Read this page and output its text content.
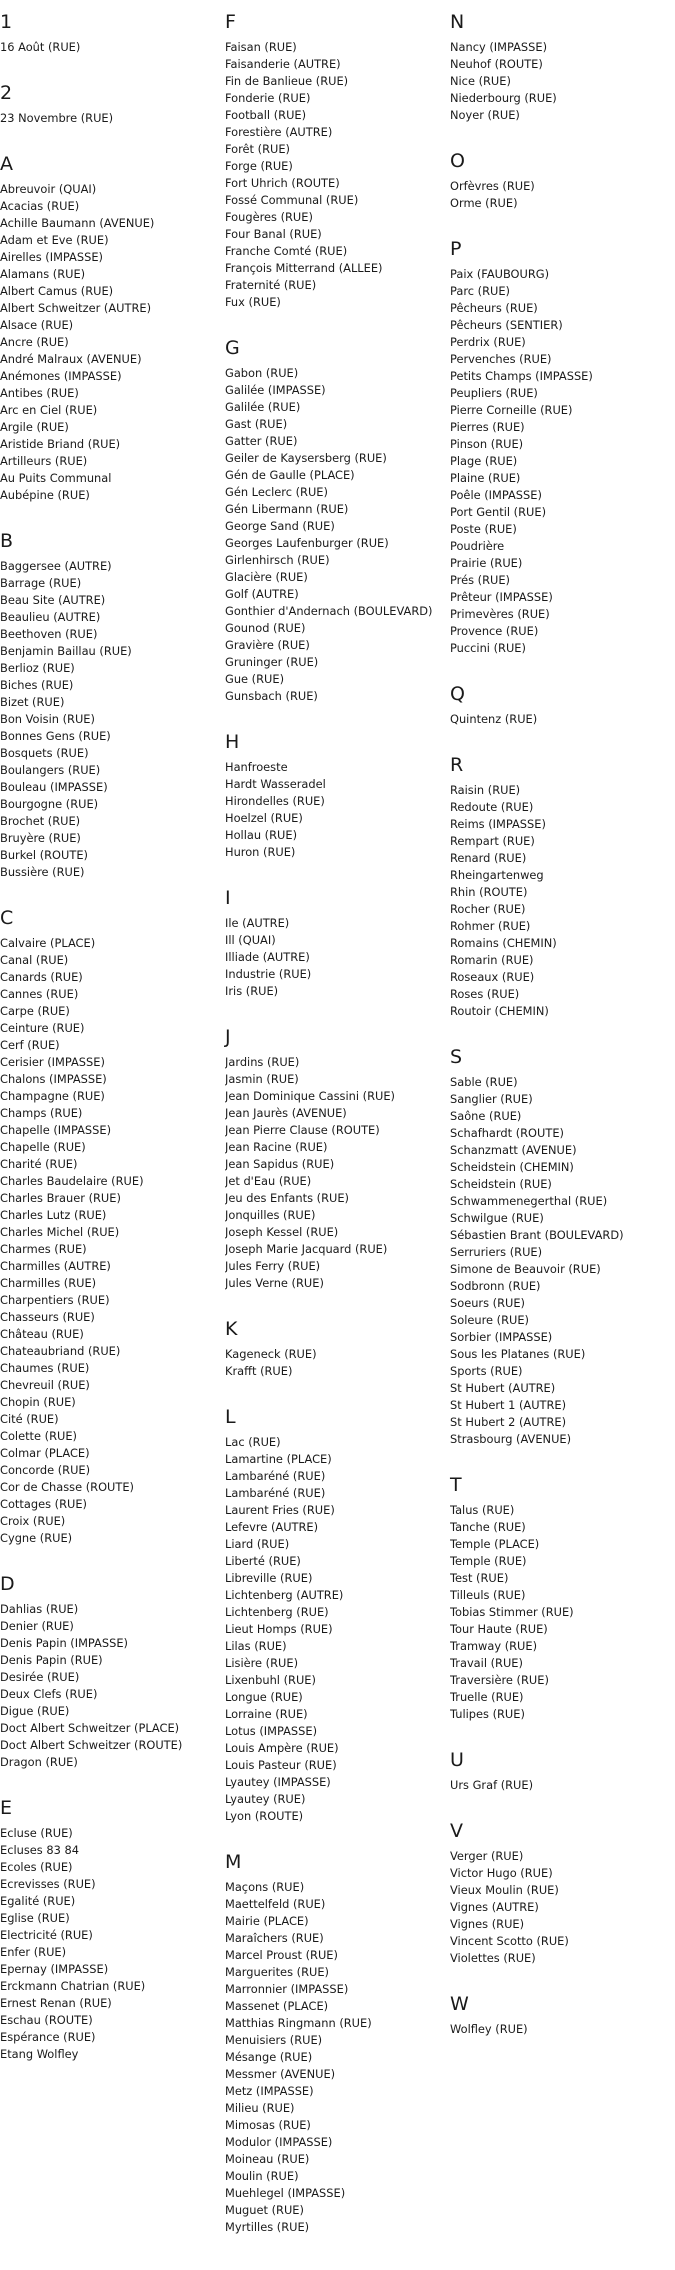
1
16 Août (RUE)
2
23 Novembre (RUE)
A
Abreuvoir (QUAI)
Acacias (RUE)
Achille Baumann (AVENUE)
Adam et Eve (RUE)
Airelles (IMPASSE)
Alamans (RUE)
Albert Camus (RUE)
Albert Schweitzer (AUTRE)
Alsace (RUE)
Ancre (RUE)
André Malraux (AVENUE)
Anémones (IMPASSE)
Antibes (RUE)
Arc en Ciel (RUE)
Argile (RUE)
Aristide Briand (RUE)
Artilleurs (RUE)
Au Puits Communal
Aubépine (RUE)
B
Baggersee (AUTRE)
Barrage (RUE)
Beau Site (AUTRE)
Beaulieu (AUTRE)
Beethoven (RUE)
Benjamin Baillau (RUE)
Berlioz (RUE)
Biches (RUE)
Bizet (RUE)
Bon Voisin (RUE)
Bonnes Gens (RUE)
Bosquets (RUE)
Boulangers (RUE)
Bouleau (IMPASSE)
Bourgogne (RUE)
Brochet (RUE)
Bruyère (RUE)
Burkel (ROUTE)
Bussière (RUE)
C
Calvaire (PLACE)
Canal (RUE)
Canards (RUE)
Cannes (RUE)
Carpe (RUE)
Ceinture (RUE)
Cerf (RUE)
Cerisier (IMPASSE)
Chalons (IMPASSE)
Champagne (RUE)
Champs (RUE)
Chapelle (IMPASSE)
Chapelle (RUE)
Charité (RUE)
Charles Baudelaire (RUE)
Charles Brauer (RUE)
Charles Lutz (RUE)
Charles Michel (RUE)
Charmes (RUE)
Charmilles (AUTRE)
Charmilles (RUE)
Charpentiers (RUE)
Chasseurs (RUE)
Château (RUE)
Chateaubriand (RUE)
Chaumes (RUE)
Chevreuil (RUE)
Chopin (RUE)
Cité (RUE)
Colette (RUE)
Colmar (PLACE)
Concorde (RUE)
Cor de Chasse (ROUTE)
Cottages (RUE)
Croix (RUE)
Cygne (RUE)
D
Dahlias (RUE)
Denier (RUE)
Denis Papin (IMPASSE)
Denis Papin (RUE)
Desirée (RUE)
Deux Clefs (RUE)
Digue (RUE)
Doct Albert Schweitzer (PLACE)
Doct Albert Schweitzer (ROUTE)
Dragon (RUE)
E
Ecluse (RUE)
Ecluses 83 84
Ecoles (RUE)
Ecrevisses (RUE)
Egalité (RUE)
Eglise (RUE)
Electricité (RUE)
Enfer (RUE)
Epernay (IMPASSE)
Erckmann Chatrian (RUE)
Ernest Renan (RUE)
Eschau (ROUTE)
Espérance (RUE)
Etang Wolfley
F
Faisan (RUE)
Faisanderie (AUTRE)
Fin de Banlieue (RUE)
Fonderie (RUE)
Football (RUE)
Forestière (AUTRE)
Forêt (RUE)
Forge (RUE)
Fort Uhrich (ROUTE)
Fossé Communal (RUE)
Fougères (RUE)
Four Banal (RUE)
Franche Comté (RUE)
François Mitterrand (ALLEE)
Fraternité (RUE)
Fux (RUE)
G
Gabon (RUE)
Galilée (IMPASSE)
Galilée (RUE)
Gast (RUE)
Gatter (RUE)
Geiler de Kaysersberg (RUE)
Gén de Gaulle (PLACE)
Gén Leclerc (RUE)
Gén Libermann (RUE)
George Sand (RUE)
Georges Laufenburger (RUE)
Girlenhirsch (RUE)
Glacière (RUE)
Golf (AUTRE)
Gonthier d'Andernach (BOULEVARD)
Gounod (RUE)
Gravière (RUE)
Gruninger (RUE)
Gue (RUE)
Gunsbach (RUE)
H
Hanfroeste
Hardt Wasseradel
Hirondelles (RUE)
Hoelzel (RUE)
Hollau (RUE)
Huron (RUE)
I
Ile (AUTRE)
Ill (QUAI)
Illiade (AUTRE)
Industrie (RUE)
Iris (RUE)
J
Jardins (RUE)
Jasmin (RUE)
Jean Dominique Cassini (RUE)
Jean Jaurès (AVENUE)
Jean Pierre Clause (ROUTE)
Jean Racine (RUE)
Jean Sapidus (RUE)
Jet d'Eau (RUE)
Jeu des Enfants (RUE)
Jonquilles (RUE)
Joseph Kessel (RUE)
Joseph Marie Jacquard (RUE)
Jules Ferry (RUE)
Jules Verne (RUE)
K
Kageneck (RUE)
Krafft (RUE)
L
Lac (RUE)
Lamartine (PLACE)
Lambaréné (RUE)
Lambaréné (RUE)
Laurent Fries (RUE)
Lefevre (AUTRE)
Liard (RUE)
Liberté (RUE)
Libreville (RUE)
Lichtenberg (AUTRE)
Lichtenberg (RUE)
Lieut Homps (RUE)
Lilas (RUE)
Lisière (RUE)
Lixenbuhl (RUE)
Longue (RUE)
Lorraine (RUE)
Lotus (IMPASSE)
Louis Ampère (RUE)
Louis Pasteur (RUE)
Lyautey (IMPASSE)
Lyautey (RUE)
Lyon (ROUTE)
M
Maçons (RUE)
Maettelfeld (RUE)
Mairie (PLACE)
Maraîchers (RUE)
Marcel Proust (RUE)
Marguerites (RUE)
Marronnier (IMPASSE)
Massenet (PLACE)
Matthias Ringmann (RUE)
Menuisiers (RUE)
Mésange (RUE)
Messmer (AVENUE)
Metz (IMPASSE)
Milieu (RUE)
Mimosas (RUE)
Modulor (IMPASSE)
Moineau (RUE)
Moulin (RUE)
Muehlegel (IMPASSE)
Muguet (RUE)
Myrtilles (RUE)
N
Nancy (IMPASSE)
Neuhof (ROUTE)
Nice (RUE)
Niederbourg (RUE)
Noyer (RUE)
O
Orfèvres (RUE)
Orme (RUE)
P
Paix (FAUBOURG)
Parc (RUE)
Pêcheurs (RUE)
Pêcheurs (SENTIER)
Perdrix (RUE)
Pervenches (RUE)
Petits Champs (IMPASSE)
Peupliers (RUE)
Pierre Corneille (RUE)
Pierres (RUE)
Pinson (RUE)
Plage (RUE)
Plaine (RUE)
Poêle (IMPASSE)
Port Gentil (RUE)
Poste (RUE)
Poudrière
Prairie (RUE)
Prés (RUE)
Prêteur (IMPASSE)
Primevères (RUE)
Provence (RUE)
Puccini (RUE)
Q
Quintenz (RUE)
R
Raisin (RUE)
Redoute (RUE)
Reims (IMPASSE)
Rempart (RUE)
Renard (RUE)
Rheingartenweg
Rhin (ROUTE)
Rocher (RUE)
Rohmer (RUE)
Romains (CHEMIN)
Romarin (RUE)
Roseaux (RUE)
Roses (RUE)
Routoir (CHEMIN)
S
Sable (RUE)
Sanglier (RUE)
Saône (RUE)
Schafhardt (ROUTE)
Schanzmatt (AVENUE)
Scheidstein (CHEMIN)
Scheidstein (RUE)
Schwammenegerthal (RUE)
Schwilgue (RUE)
Sébastien Brant (BOULEVARD)
Serruriers (RUE)
Simone de Beauvoir (RUE)
Sodbronn (RUE)
Soeurs (RUE)
Soleure (RUE)
Sorbier (IMPASSE)
Sous les Platanes (RUE)
Sports (RUE)
St Hubert (AUTRE)
St Hubert 1 (AUTRE)
St Hubert 2 (AUTRE)
Strasbourg (AVENUE)
T
Talus (RUE)
Tanche (RUE)
Temple (PLACE)
Temple (RUE)
Test (RUE)
Tilleuls (RUE)
Tobias Stimmer (RUE)
Tour Haute (RUE)
Tramway (RUE)
Travail (RUE)
Traversière (RUE)
Truelle (RUE)
Tulipes (RUE)
U
Urs Graf (RUE)
V
Verger (RUE)
Victor Hugo (RUE)
Vieux Moulin (RUE)
Vignes (AUTRE)
Vignes (RUE)
Vincent Scotto (RUE)
Violettes (RUE)
W
Wolfley (RUE)
